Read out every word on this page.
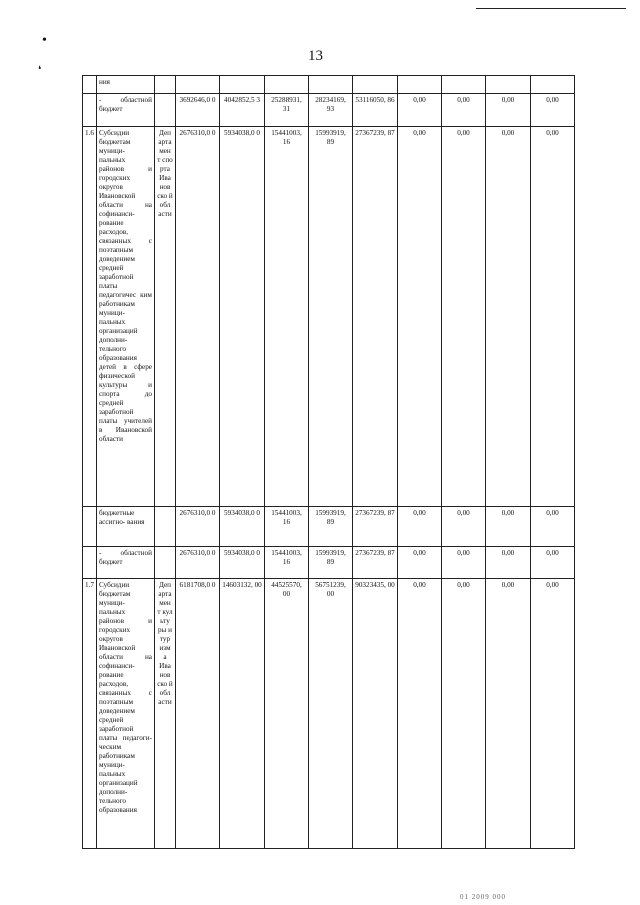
•
❛
13
	ния										
	- областной бюджет		3692646,0 0	4042852,5 3	25288931, 31	28234169, 93	53116050, 86	0,00	0,00	0,00	0,00
1.6	Субсидии бюджетам муници- пальных районов и городских округов Ивановской области на софинанси- рование расходов, связанных с поэтапным доведением средней заработной платы педагогичес ким работникам муници- пальных организаций дополни- тельного образования детей в сфере физической культуры и спорта до средней заработной платы учителей в Ивановской области	Деп арта мен т спо рта Ива нов ско й обл асти	2676310,0 0	5934038,0 0	15441003, 16	15993919, 89	27367239, 87	0,00	0,00	0,00	0,00
	бюджетные ассигно- вания		2676310,0 0	5934038,0 0	15441003, 16	15993919, 89	27367239, 87	0,00	0,00	0,00	0,00
	- областной бюджет		2676310,0 0	5934038,0 0	15441003, 16	15993919, 89	27367239, 87	0,00	0,00	0,00	0,00
1.7	Субсидии бюджетам муници- пальных районов и городских округов Ивановской области на софинанси- рование расходов, связанных с поэтапным доведением средней заработной платы педагоги- ческим работникам муници- пальных организаций дополни- тельного образования	Деп арта мен т кул ьту ры и тур изм а Ива нов ско й обл асти	6181708,0 0	14603132, 00	44525570, 00	56751239, 00	90323435, 00	0,00	0,00	0,00	0,00
01 2009 000
